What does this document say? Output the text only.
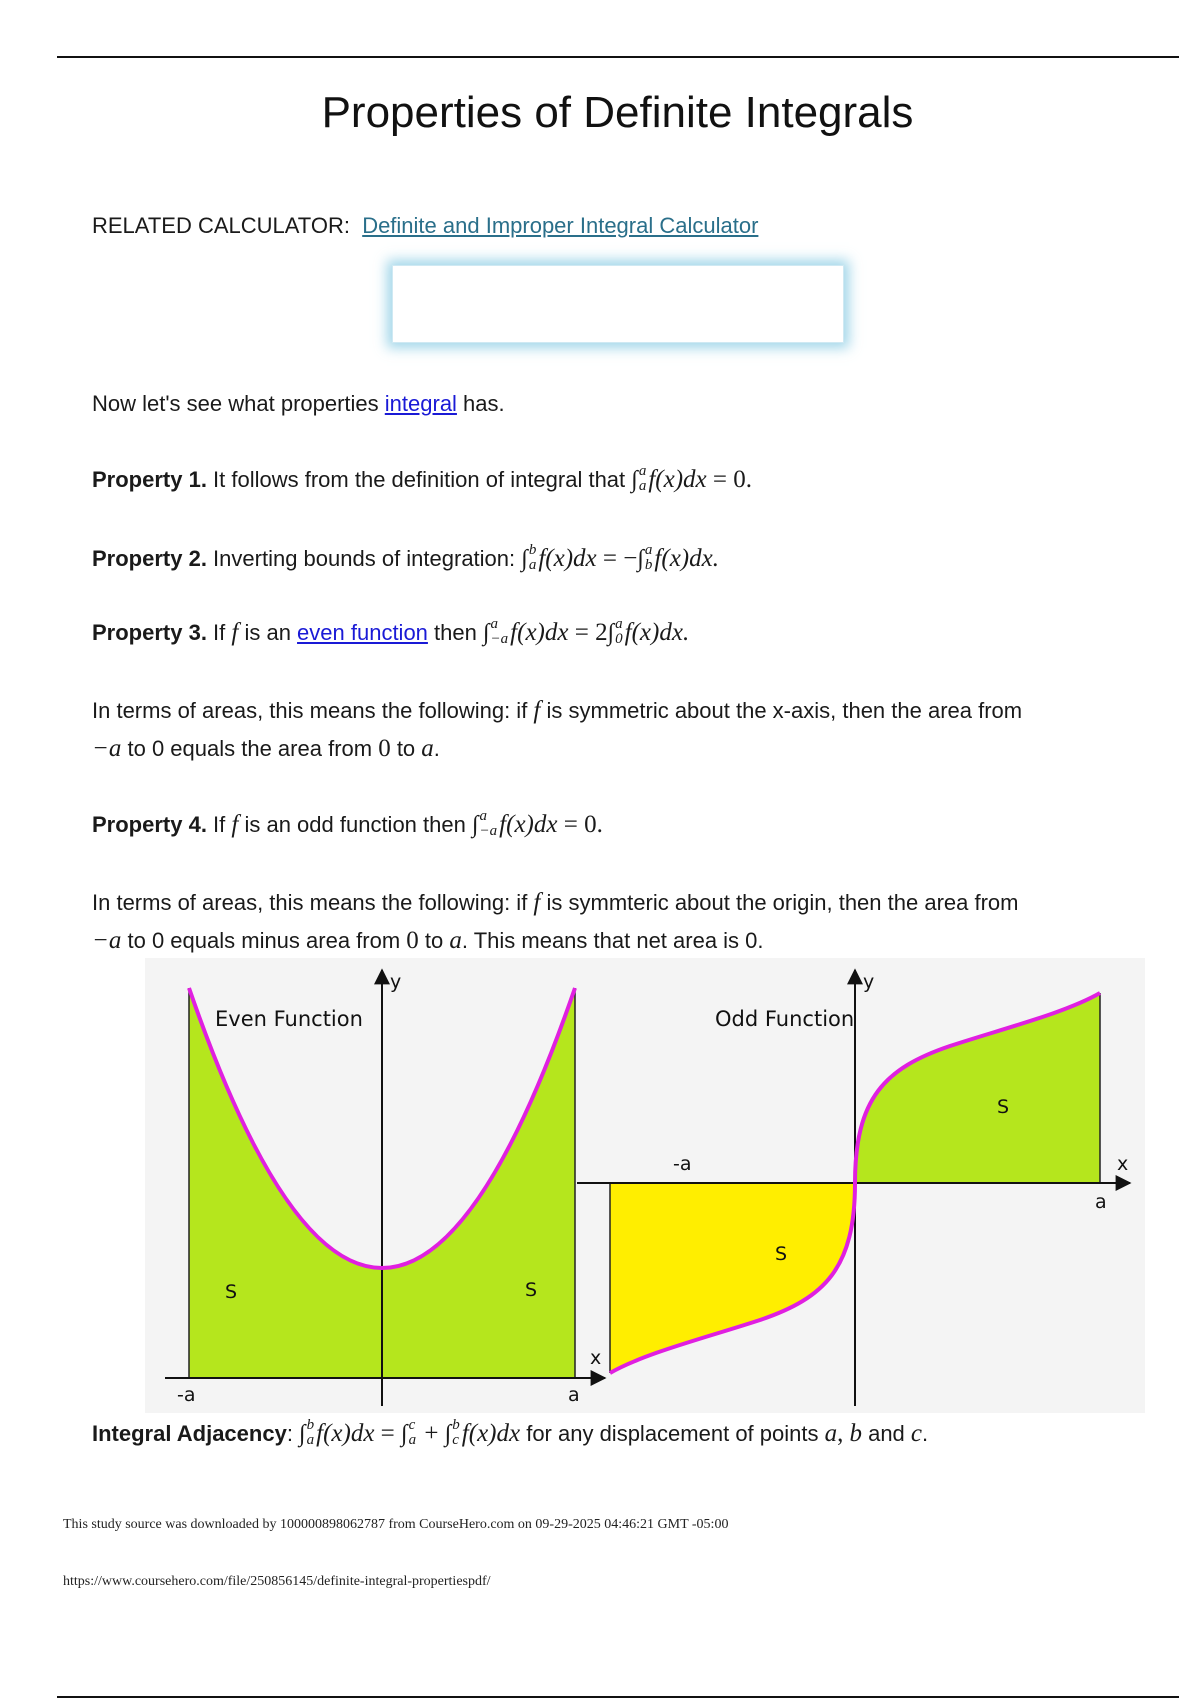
Properties of Definite Integrals
RELATED CALCULATOR: Definite and Improper Integral Calculator
Now let's see what properties integral has.
Property 1. It follows from the definition of integral that ∫ a
a f(x)dx = 0.
Property 2. Inverting bounds of integration: ∫ b
a f(x)dx = −∫ a
b f(x)dx.
Property 3. If f is an even function then ∫ a
−a f(x)dx = 2∫ a
0 f(x)dx.
In terms of areas, this means the following: if f is symmetric about the x-axis, then the area from
−a to 0 equals the area from 0 to a.
Property 4. If f is an odd function then ∫ a
−a f(x)dx = 0.
In terms of areas, this means the following: if f is symmteric about the origin, then the area from
−a to 0 equals minus area from 0 to a. This means that net area is 0.
Even Function
y
x
-a	a
S	S
Odd Function
y
x
-a
a
S
S
Integral Adjacency: ∫ b
a f(x)dx = ∫ c
a + ∫ b
c f(x)dx for any displacement of points a, b and c.
This study source was downloaded by 100000898062787 from CourseHero.com on 09-29-2025 04:46:21 GMT -05:00
https://www.coursehero.com/file/250856145/definite-integral-propertiespdf/
